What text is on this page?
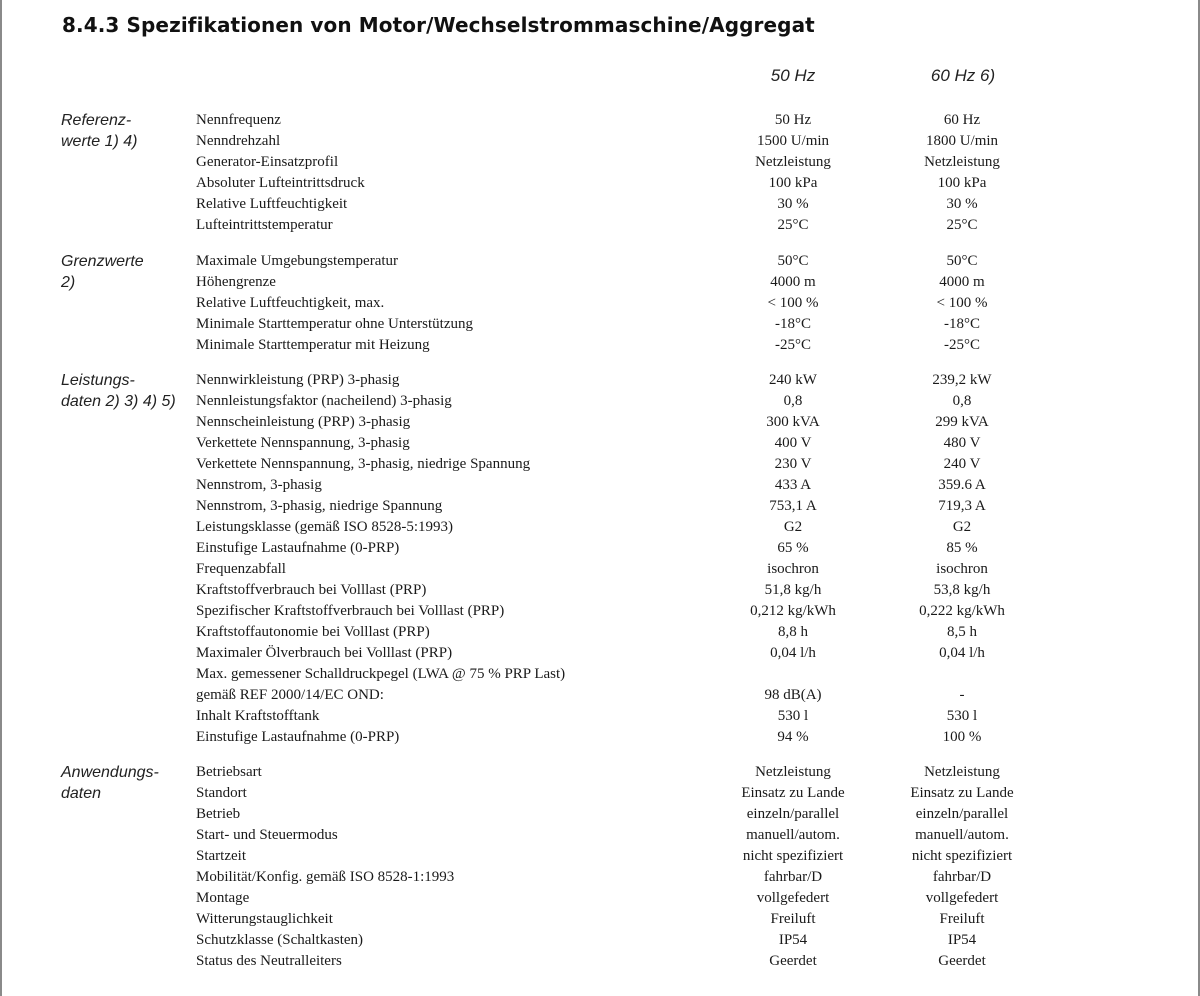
8.4.3 Spezifikationen von Motor/Wechselstrommaschine/Aggregat
50 Hz	60 Hz 6)
Referenz-
werte 1) 4)
Nennfrequenz	50 Hz	60 Hz
Nenndrehzahl	1500 U/min	1800 U/min
Generator-Einsatzprofil	Netzleistung	Netzleistung
Absoluter Lufteintrittsdruck	100 kPa	100 kPa
Relative Luftfeuchtigkeit	30 %	30 %
Lufteintrittstemperatur	25°C	25°C
Grenzwerte
2)
Maximale Umgebungstemperatur	50°C	50°C
Höhengrenze	4000 m	4000 m
Relative Luftfeuchtigkeit, max.	< 100 %	< 100 %
Minimale Starttemperatur ohne Unterstützung	-18°C	-18°C
Minimale Starttemperatur mit Heizung	-25°C	-25°C
Leistungs-
daten 2) 3) 4) 5)
Nennwirkleistung (PRP) 3-phasig	240 kW	239,2 kW
Nennleistungsfaktor (nacheilend) 3-phasig	0,8	0,8
Nennscheinleistung (PRP) 3-phasig	300 kVA	299 kVA
Verkettete Nennspannung, 3-phasig	400 V	480 V
Verkettete Nennspannung, 3-phasig, niedrige Spannung	230 V	240 V
Nennstrom, 3-phasig	433 A	359.6 A
Nennstrom, 3-phasig, niedrige Spannung	753,1 A	719,3 A
Leistungsklasse (gemäß ISO 8528-5:1993)	G2	G2
Einstufige Lastaufnahme (0-PRP)	65 %	85 %
Frequenzabfall	isochron	isochron
Kraftstoffverbrauch bei Volllast (PRP)	51,8 kg/h	53,8 kg/h
Spezifischer Kraftstoffverbrauch bei Volllast (PRP)	0,212 kg/kWh	0,222 kg/kWh
Kraftstoffautonomie bei Volllast (PRP)	8,8 h	8,5 h
Maximaler Ölverbrauch bei Volllast (PRP)	0,04 l/h	0,04 l/h
Max. gemessener Schalldruckpegel (LWA @ 75 % PRP Last)
gemäß REF 2000/14/EC OND:	98 dB(A)	-
Inhalt Kraftstofftank	530 l	530 l
Einstufige Lastaufnahme (0-PRP)	94 %	100 %
Anwendungs-
daten
Betriebsart	Netzleistung	Netzleistung
Standort	Einsatz zu Lande	Einsatz zu Lande
Betrieb	einzeln/parallel	einzeln/parallel
Start- und Steuermodus	manuell/autom.	manuell/autom.
Startzeit	nicht spezifiziert	nicht spezifiziert
Mobilität/Konfig. gemäß ISO 8528-1:1993	fahrbar/D	fahrbar/D
Montage	vollgefedert	vollgefedert
Witterungstauglichkeit	Freiluft	Freiluft
Schutzklasse (Schaltkasten)	IP54	IP54
Status des Neutralleiters	Geerdet	Geerdet
